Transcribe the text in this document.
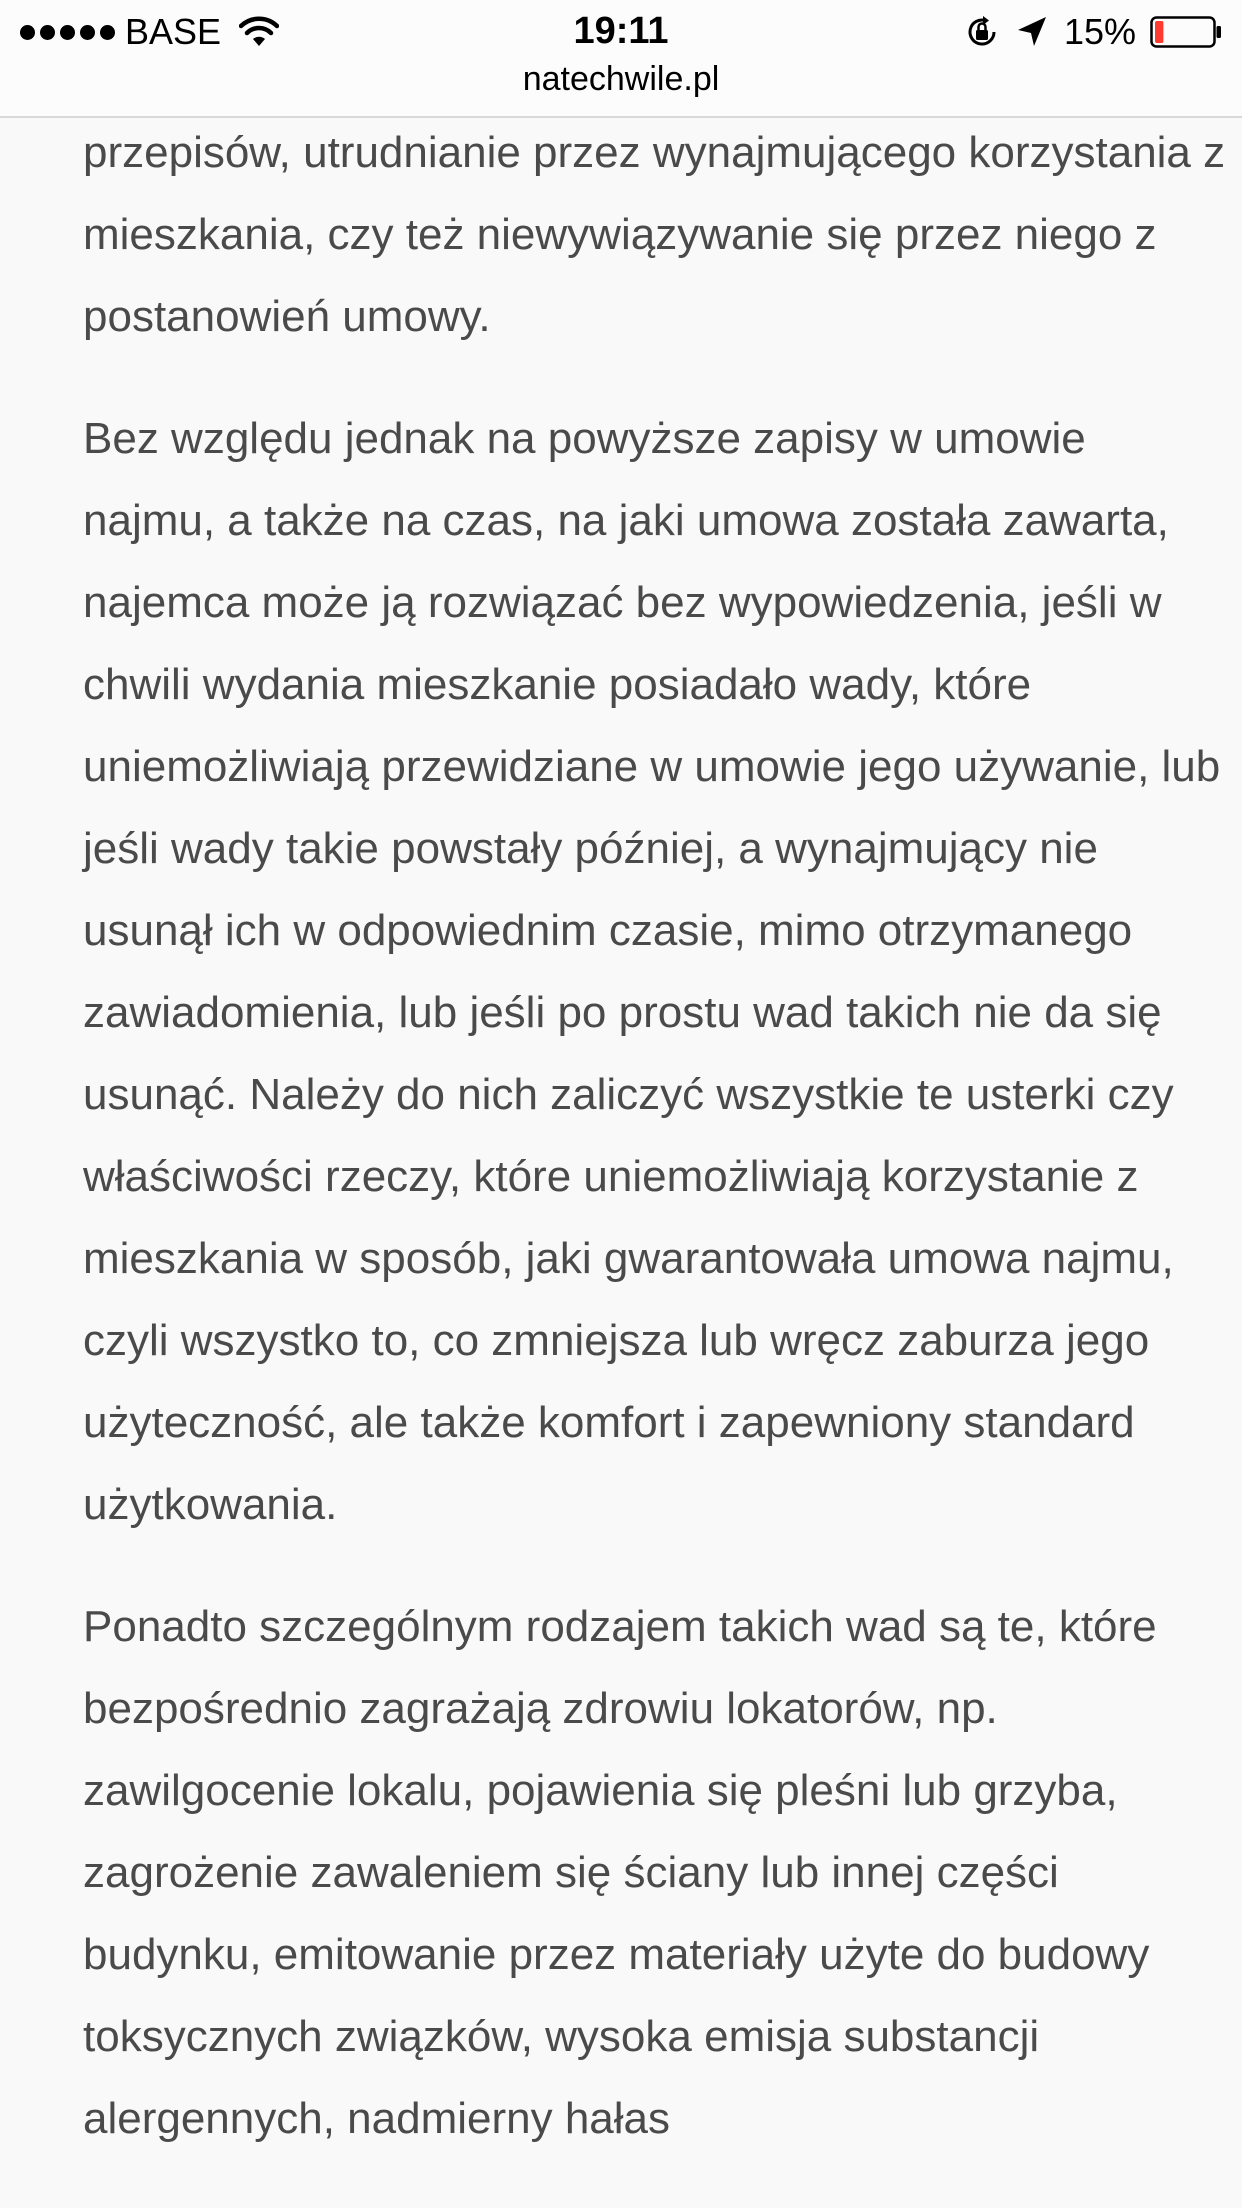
BASE	19:11
natechwile.pl
15%

przepisów, utrudnianie przez wynajmującego korzystania z mieszkania, czy też niewywiązywanie się przez niego z postanowień umowy.

Bez względu jednak na powyższe zapisy w umowie najmu, a także na czas, na jaki umowa została zawarta, najemca może ją rozwiązać bez wypowiedzenia, jeśli w chwili wydania mieszkanie posiadało wady, które uniemożliwiają przewidziane w umowie jego używanie, lub jeśli wady takie powstały później, a wynajmujący nie usunął ich w odpowiednim czasie, mimo otrzymanego zawiadomienia, lub jeśli po prostu wad takich nie da się usunąć. Należy do nich zaliczyć wszystkie te usterki czy właściwości rzeczy, które uniemożliwiają korzystanie z mieszkania w sposób, jaki gwarantowała umowa najmu, czyli wszystko to, co zmniejsza lub wręcz zaburza jego użyteczność, ale także komfort i zapewniony standard użytkowania.

Ponadto szczególnym rodzajem takich wad są te, które bezpośrednio zagrażają zdrowiu lokatorów, np. zawilgocenie lokalu, pojawienia się pleśni lub grzyba, zagrożenie zawaleniem się ściany lub innej części budynku, emitowanie przez materiały użyte do budowy toksycznych związków, wysoka emisja substancji alergennych, nadmierny hałas
